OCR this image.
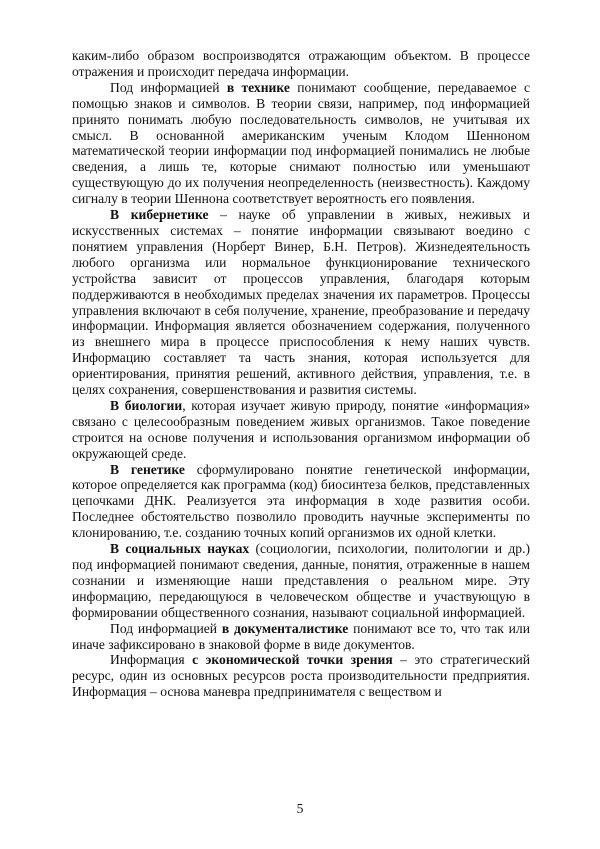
каким-либо образом воспроизводятся отражающим объектом. В процессе отражения и происходит передача информации.

Под информацией в технике понимают сообщение, передаваемое с помощью знаков и символов. В теории связи, например, под информацией принято понимать любую последовательность символов, не учитывая их смысл. В основанной американским ученым Клодом Шенноном математической теории информации под информацией понимались не любые сведения, а лишь те, которые снимают полностью или уменьшают существующую до их получения неопределенность (неизвестность). Каждому сигналу в теории Шеннона соответствует вероятность его появления.

В кибернетике – науке об управлении в живых, неживых и искусственных системах – понятие информации связывают воедино с понятием управления (Норберт Винер, Б.Н. Петров). Жизнедеятельность любого организма или нормальное функционирование технического устройства зависит от процессов управления, благодаря которым поддерживаются в необходимых пределах значения их параметров. Процессы управления включают в себя получение, хранение, преобразование и передачу информации. Информация является обозначением содержания, полученного из внешнего мира в процессе приспособления к нему наших чувств. Информацию составляет та часть знания, которая используется для ориентирования, принятия решений, активного действия, управления, т.е. в целях сохранения, совершенствования и развития системы.

В биологии, которая изучает живую природу, понятие «информация» связано с целесообразным поведением живых организмов. Такое поведение строится на основе получения и использования организмом информации об окружающей среде.

В генетике сформулировано понятие генетической информации, которое определяется как программа (код) биосинтеза белков, представленных цепочками ДНК. Реализуется эта информация в ходе развития особи. Последнее обстоятельство позволило проводить научные эксперименты по клонированию, т.е. созданию точных копий организмов их одной клетки.

В социальных науках (социологии, психологии, политологии и др.) под информацией понимают сведения, данные, понятия, отраженные в нашем сознании и изменяющие наши представления о реальном мире. Эту информацию, передающуюся в человеческом обществе и участвующую в формировании общественного сознания, называют социальной информацией.

Под информацией в документалистике понимают все то, что так или иначе зафиксировано в знаковой форме в виде документов.

Информация с экономической точки зрения – это стратегический ресурс, один из основных ресурсов роста производительности предприятия. Информация – основа маневра предпринимателя с веществом и

5
